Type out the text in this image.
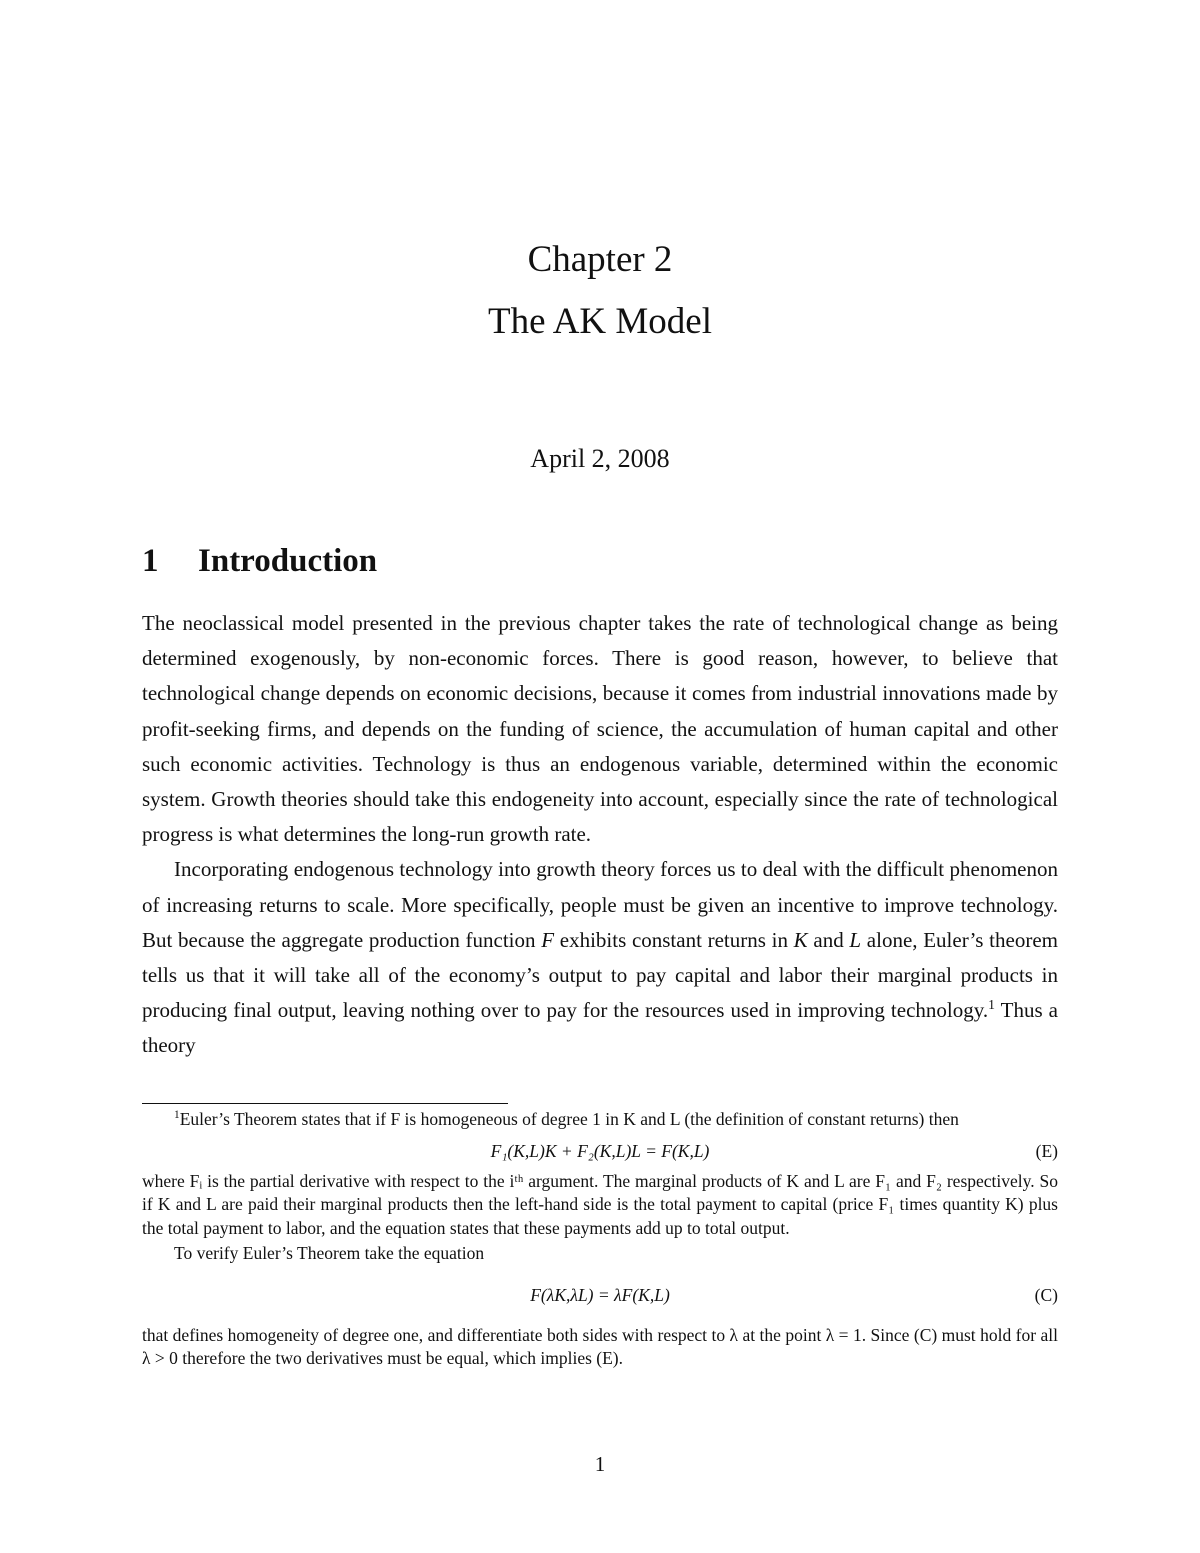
Chapter 2
The AK Model
April 2, 2008
1 Introduction

The neoclassical model presented in the previous chapter takes the rate of technological change as being determined exogenously, by non-economic forces. There is good reason, however, to believe that technological change depends on economic decisions, because it comes from industrial innovations made by profit-seeking firms, and depends on the funding of science, the accumulation of human capital and other such economic activities. Technology is thus an endogenous variable, determined within the economic system. Growth theories should take this endogeneity into account, especially since the rate of technological progress is what determines the long-run growth rate.

Incorporating endogenous technology into growth theory forces us to deal with the difficult phenomenon of increasing returns to scale. More specifically, people must be given an incentive to improve technology. But because the aggregate production function F exhibits constant returns in K and L alone, Euler’s theorem tells us that it will take all of the economy’s output to pay capital and labor their marginal products in producing final output, leaving nothing over to pay for the resources used in improving technology.$^1$ Thus a theory

$^1$Euler’s Theorem states that if F is homogeneous of degree 1 in K and L (the definition of constant returns) then

F₁(K,L)K + F₂(K,L)L = F(K,L)	(E)

where Fᵢ is the partial derivative with respect to the iᵗʰ argument. The marginal products of K and L are F₁ and F₂ respectively. So if K and L are paid their marginal products then the left-hand side is the total payment to capital (price F₁ times quantity K) plus the total payment to labor, and the equation states that these payments add up to total output.

To verify Euler’s Theorem take the equation

F(λK,λL) = λF(K,L)	(C)

that defines homogeneity of degree one, and differentiate both sides with respect to λ at the point λ = 1. Since (C) must hold for all λ > 0 therefore the two derivatives must be equal, which implies (E).

1
